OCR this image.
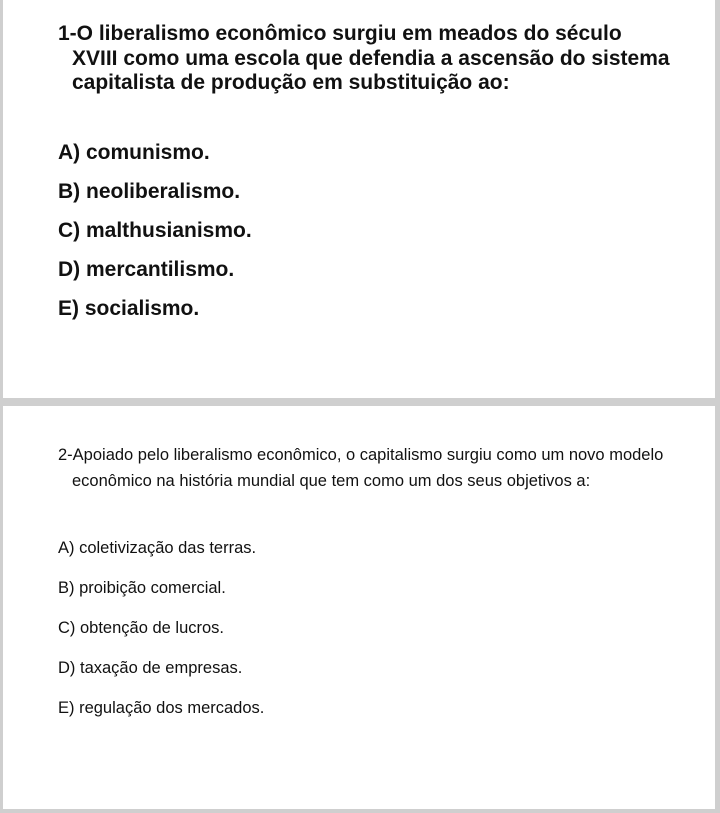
1-O liberalismo econômico surgiu em meados do século XVIII como uma escola que defendia a ascensão do sistema capitalista de produção em substituição ao:

A) comunismo.
B) neoliberalismo.
C) malthusianismo.
D) mercantilismo.
E) socialismo.

2-Apoiado pelo liberalismo econômico, o capitalismo surgiu como um novo modelo econômico na história mundial que tem como um dos seus objetivos a:

A) coletivização das terras.
B) proibição comercial.
C) obtenção de lucros.
D) taxação de empresas.
E) regulação dos mercados.
